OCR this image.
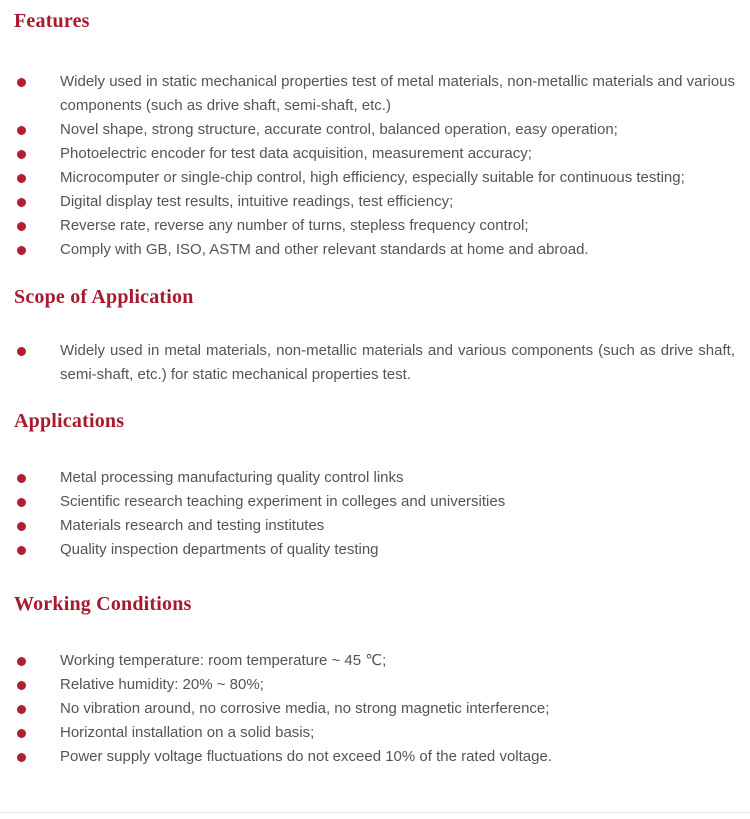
Features
Widely used in static mechanical properties test of metal materials, non-metallic materials and various components (such as drive shaft, semi-shaft, etc.)
Novel shape, strong structure, accurate control, balanced operation, easy operation;
Photoelectric encoder for test data acquisition, measurement accuracy;
Microcomputer or single-chip control, high efficiency, especially suitable for continuous testing;
Digital display test results, intuitive readings, test efficiency;
Reverse rate, reverse any number of turns, stepless frequency control;
Comply with GB, ISO, ASTM and other relevant standards at home and abroad.
Scope of Application
Widely used in metal materials, non-metallic materials and various components (such as drive shaft, semi-shaft, etc.) for static mechanical properties test.
Applications
Metal processing manufacturing quality control links
Scientific research teaching experiment in colleges and universities
Materials research and testing institutes
Quality inspection departments of quality testing
Working Conditions
Working temperature: room temperature ~ 45 ℃;
Relative humidity: 20% ~ 80%;
No vibration around, no corrosive media, no strong magnetic interference;
Horizontal installation on a solid basis;
Power supply voltage fluctuations do not exceed 10% of the rated voltage.
